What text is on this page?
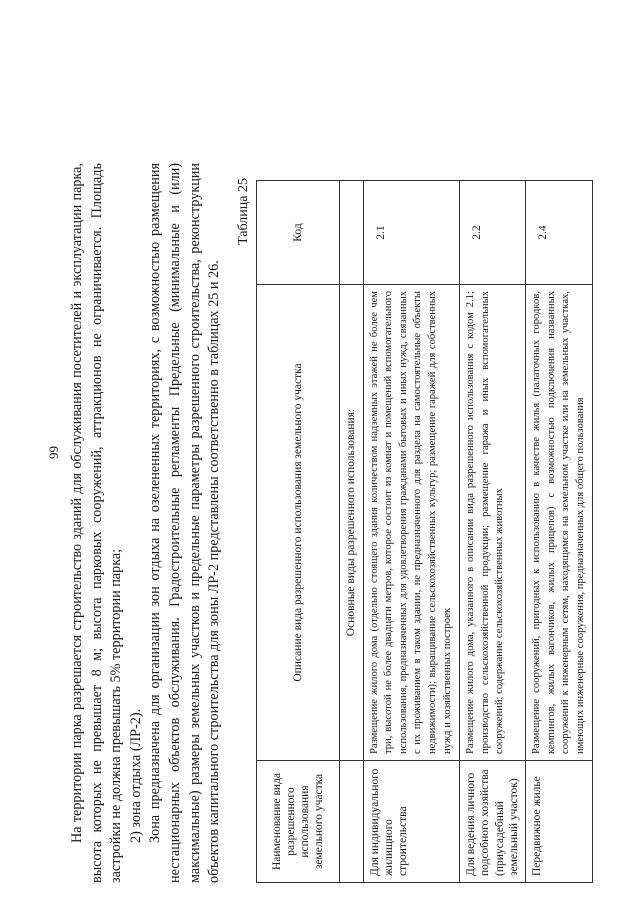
99 На территории парка разрешается строительство зданий для обслуживания посетителей и эксплуатации парка, высота которых не превышает 8 м; высота парковых сооружений, аттракционов не ограничивается. Площадь застройки не должна превышать 5% территории парка; 2) зона отдыха (ЛР-2). Зона предназначена для организации зон отдыха на озелененных территориях, с возможностью размещения нестационарных объектов обслуживания. Градостроительные регламенты Предельные (минимальные и (или) максимальные) размеры земельных участков и предельные параметры разрешенного строительства, реконструкции объектов капитального строительства для зоны ЛР-2 представлены соответственно в таблицах 25 и 26.

Таблица 25
Наименование вида разрешенного использования земельного участка	Описание вида разрешенного использования земельного участка	Код
	Основные виды разрешенного использования:	
Для индивидуального жилищного строительства	Размещение жилого дома (отдельно стоящего здания количеством надземных этажей не более чем три, высотой не более двадцати метров, которое состоит из комнат и помещений вспомогательного использования, предназначенных для удовлетворения гражданами бытовых и иных нужд, связанных с их проживанием в таком здании, не предназначенного для раздела на самостоятельные объекты недвижимости); выращивание сельскохозяйственных культур; размещение гаражей для собственных нужд и хозяйственных построек	2.1
Для ведения личного подсобного хозяйства (приусадебный земельный участок)	Размещение жилого дома, указанного в описании вида разрешенного использования с кодом 2.1; производство сельскохозяйственной продукции; размещение гаража и иных вспомогательных сооружений; содержание сельскохозяйственных животных	2.2
Передвижное жилье	Размещение сооружений, пригодных к использованию в качестве жилья (палаточных городков, кемпингов, жилых вагончиков, жилых прицепов) с возможностью подключения названных сооружений к инженерным сетям, находящимся на земельном участке или на земельных участках, имеющих инженерные сооружения, предназначенных для общего пользования	2.4
